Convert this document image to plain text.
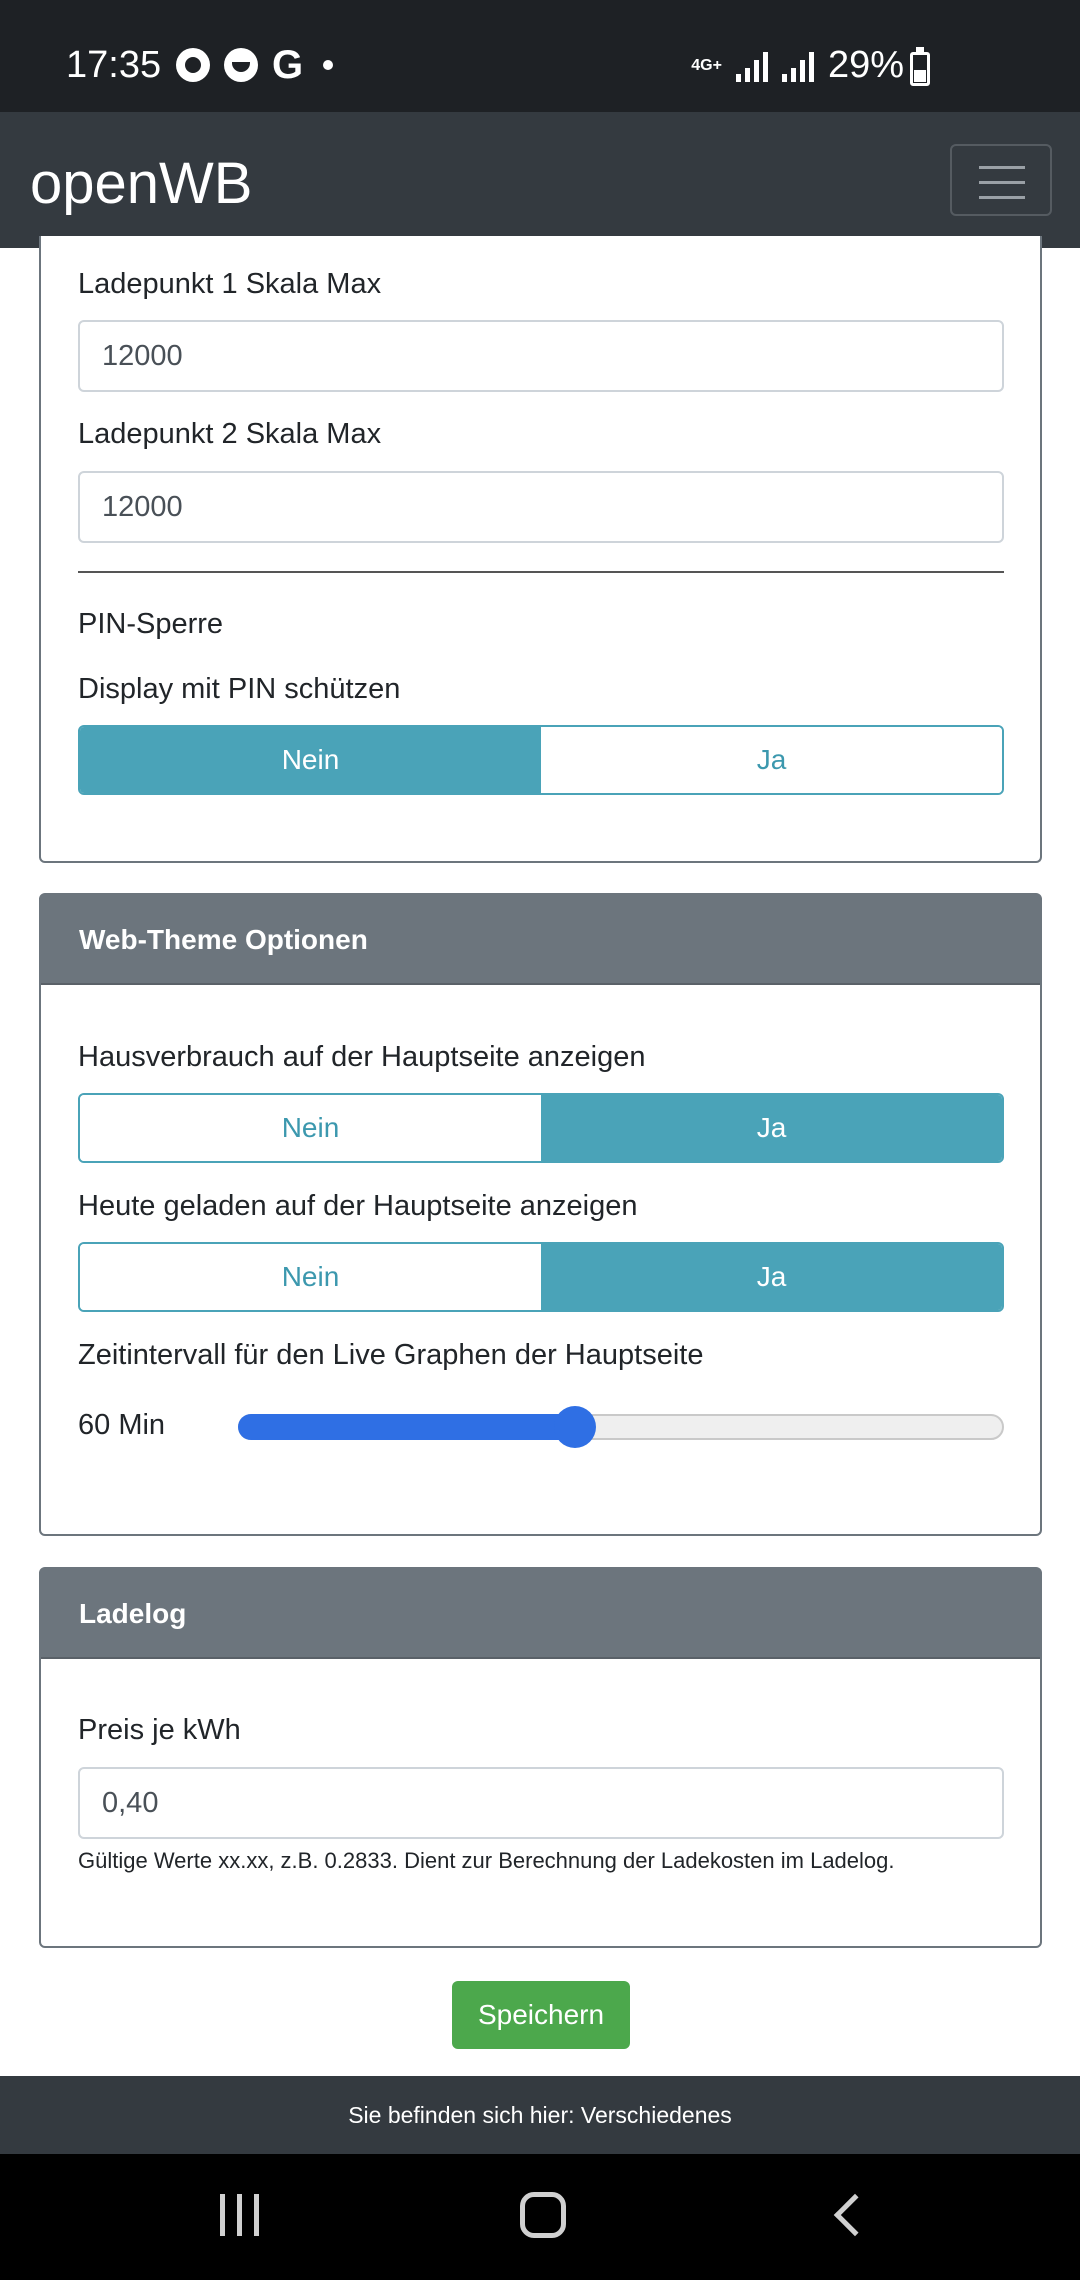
17:35	G	4G+	29%
openWB
Ladepunkt 1 Skala Max
12000
Ladepunkt 2 Skala Max
12000
PIN-Sperre
Display mit PIN schützen
Nein	Ja
Web-Theme Optionen
Hausverbrauch auf der Hauptseite anzeigen
Nein	Ja
Heute geladen auf der Hauptseite anzeigen
Nein	Ja
Zeitintervall für den Live Graphen der Hauptseite
60 Min
Ladelog
Preis je kWh
0,40
Gültige Werte xx.xx, z.B. 0.2833. Dient zur Berechnung der Ladekosten im Ladelog.
Speichern
Sie befinden sich hier: Verschiedenes
